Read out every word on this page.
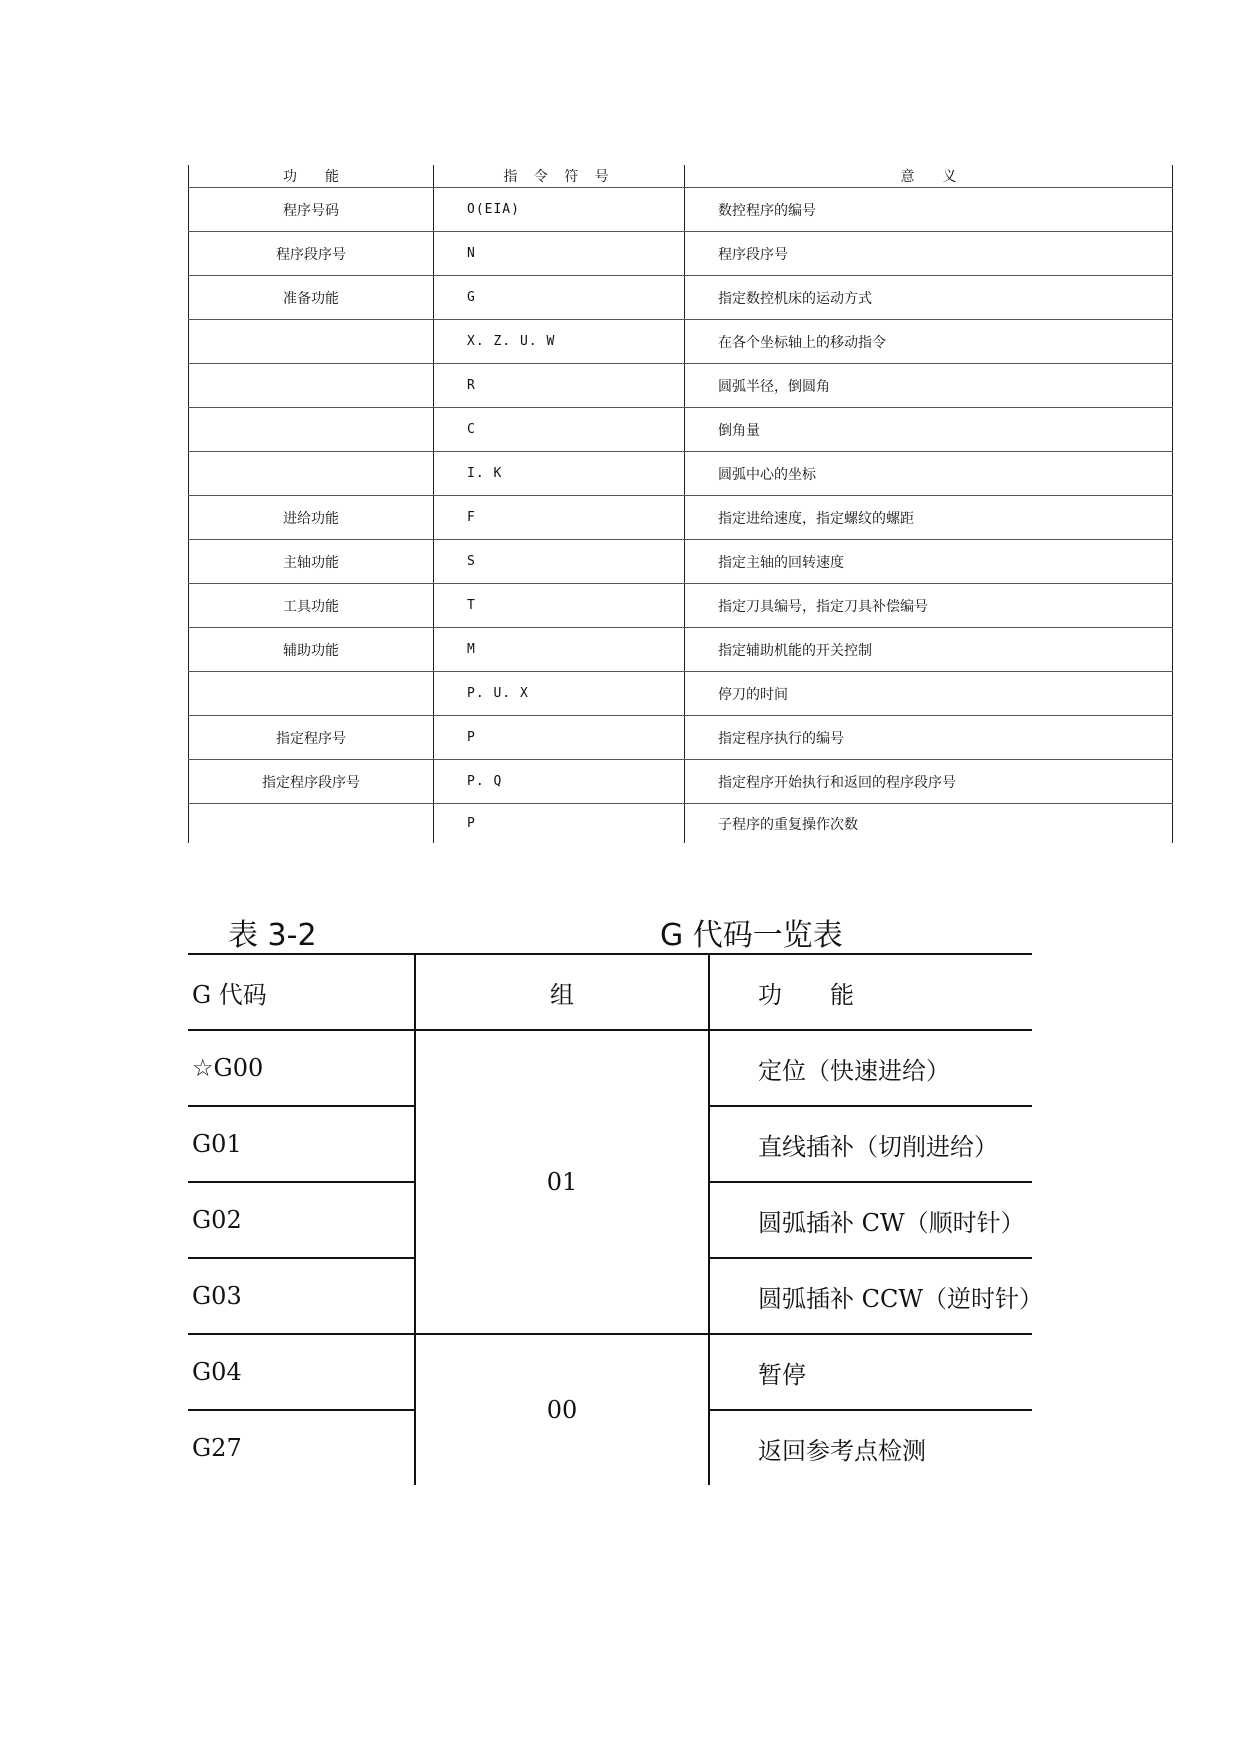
功　　能	指 令 符 号	意　　义
程序号码	O(EIA)	数控程序的编号
程序段序号	N	程序段序号
准备功能	G	指定数控机床的运动方式
	X. Z. U. W	在各个坐标轴上的移动指令
	R	圆弧半径，倒圆角
	C	倒角量
	I. K	圆弧中心的坐标
进给功能	F	指定进给速度，指定螺纹的螺距
主轴功能	S	指定主轴的回转速度
工具功能	T	指定刀具编号，指定刀具补偿编号
辅助功能	M	指定辅助机能的开关控制
	P. U. X	停刀的时间
指定程序号	P	指定程序执行的编号
指定程序段序号	P. Q	指定程序开始执行和返回的程序段序号
	P	子程序的重复操作次数
表 3-2	G 代码一览表
G 代码	组	功　　能
☆G00	01	定位（快速进给）
G01		直线插补（切削进给）
G02		圆弧插补 CW（顺时针）
G03		圆弧插补 CCW（逆时针）
G04	00	暂停
G27		返回参考点检测
